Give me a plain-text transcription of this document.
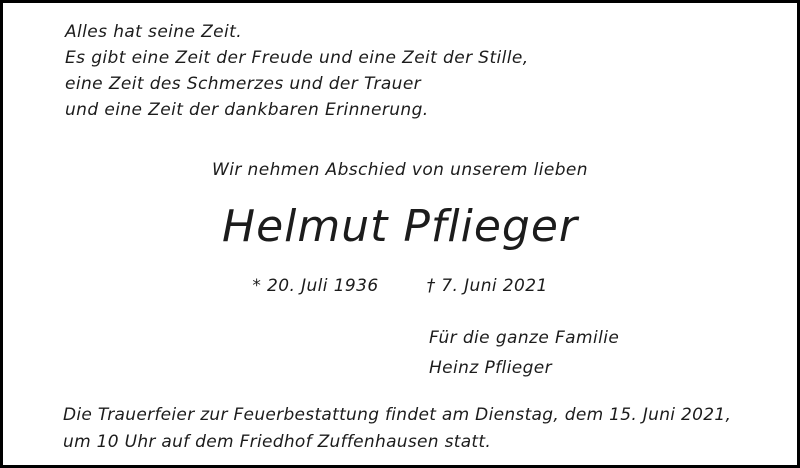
Alles hat seine Zeit.
Es gibt eine Zeit der Freude und eine Zeit der Stille,
eine Zeit des Schmerzes und der Trauer
und eine Zeit der dankbaren Erinnerung.
Wir nehmen Abschied von unserem lieben
Helmut Pflieger
* 20. Juli 1936	† 7. Juni 2021
Für die ganze Familie
Heinz Pflieger
Die Trauerfeier zur Feuerbestattung findet am Dienstag, dem 15. Juni 2021,
um 10 Uhr auf dem Friedhof Zuffenhausen statt.
